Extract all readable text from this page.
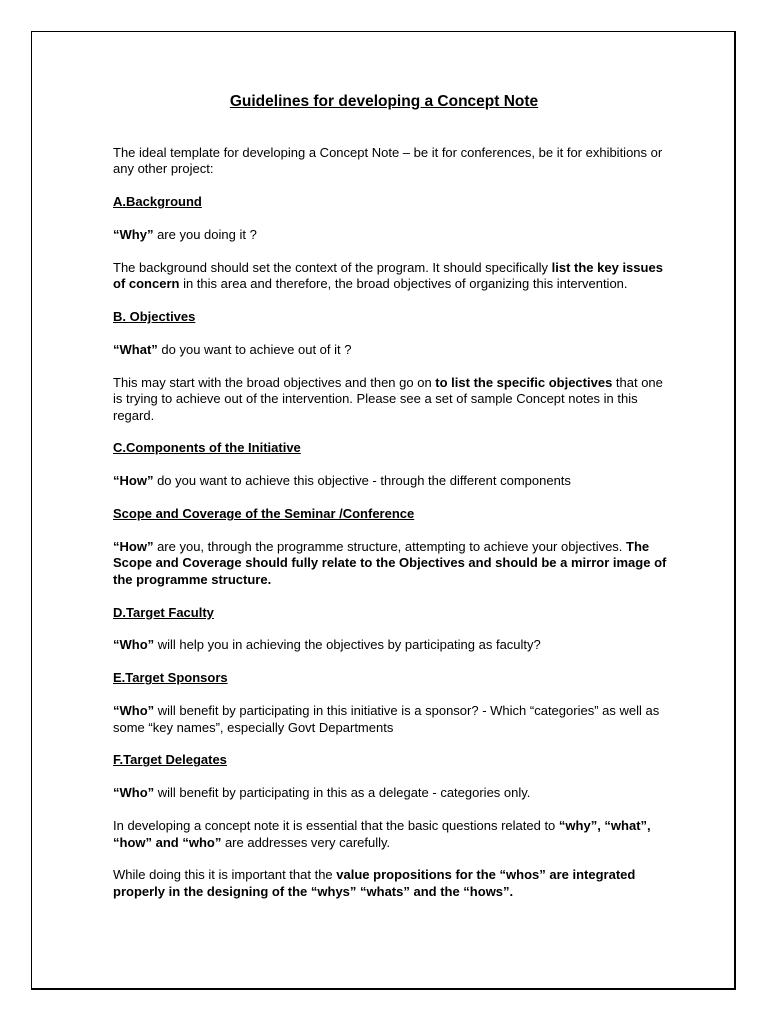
Guidelines for developing a Concept Note

The ideal template for developing a Concept Note – be it for conferences, be it for exhibitions or any other project:

A.Background

“Why” are you doing it ?

The background should set the context of the program. It should specifically list the key issues of concern in this area and therefore, the broad objectives of organizing this intervention.

B. Objectives

“What” do you want to achieve out of it ?

This may start with the broad objectives and then go on to list the specific objectives that one is trying to achieve out of the intervention. Please see a set of sample Concept notes in this regard.

C.Components of the Initiative

“How” do you want to achieve this objective - through the different components

Scope and Coverage of the Seminar /Conference

“How” are you, through the programme structure, attempting to achieve your objectives. The Scope and Coverage should fully relate to the Objectives and should be a mirror image of the programme structure.

D.Target Faculty

“Who” will help you in achieving the objectives by participating as faculty?

E.Target Sponsors

“Who” will benefit by participating in this initiative is a sponsor? - Which “categories” as well as some “key names”, especially Govt Departments

F.Target Delegates

“Who” will benefit by participating in this as a delegate - categories only.

In developing a concept note it is essential that the basic questions related to “why”, “what”, “how” and “who” are addresses very carefully.

While doing this it is important that the value propositions for the “whos” are integrated properly in the designing of the “whys” “whats” and the “hows”.
